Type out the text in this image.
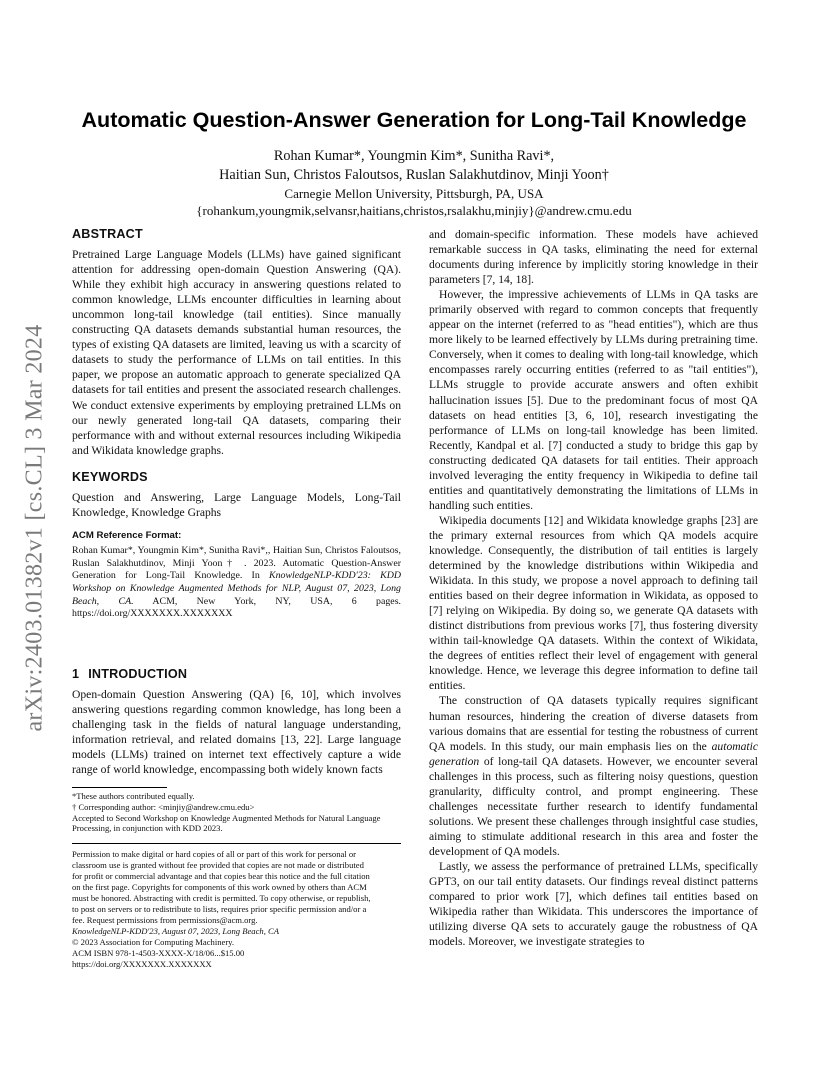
arXiv:2403.01382v1 [cs.CL] 3 Mar 2024
Automatic Question-Answer Generation for Long-Tail Knowledge
Rohan Kumar*, Youngmin Kim*, Sunitha Ravi*,
Haitian Sun, Christos Faloutsos, Ruslan Salakhutdinov, Minji Yoon†
Carnegie Mellon University, Pittsburgh, PA, USA
{rohankum,youngmik,selvansr,haitians,christos,rsalakhu,minjiy}@andrew.cmu.edu
ABSTRACT

Pretrained Large Language Models (LLMs) have gained significant attention for addressing open-domain Question Answering (QA). While they exhibit high accuracy in answering questions related to common knowledge, LLMs encounter difficulties in learning about uncommon long-tail knowledge (tail entities). Since manually constructing QA datasets demands substantial human resources, the types of existing QA datasets are limited, leaving us with a scarcity of datasets to study the performance of LLMs on tail entities. In this paper, we propose an automatic approach to generate specialized QA datasets for tail entities and present the associated research challenges. We conduct extensive experiments by employing pretrained LLMs on our newly generated long-tail QA datasets, comparing their performance with and without external resources including Wikipedia and Wikidata knowledge graphs.

KEYWORDS

Question and Answering, Large Language Models, Long-Tail Knowledge, Knowledge Graphs

ACM Reference Format:

Rohan Kumar*, Youngmin Kim*, Sunitha Ravi*,, Haitian Sun, Christos Faloutsos, Ruslan Salakhutdinov, Minji Yoon† . 2023. Automatic Question-Answer Generation for Long-Tail Knowledge. In KnowledgeNLP-KDD'23: KDD Workshop on Knowledge Augmented Methods for NLP, August 07, 2023, Long Beach, CA. ACM, New York, NY, USA, 6 pages. https://doi.org/XXXXXXX.XXXXXXX

1 INTRODUCTION

Open-domain Question Answering (QA) [6, 10], which involves answering questions regarding common knowledge, has long been a challenging task in the fields of natural language understanding, information retrieval, and related domains [13, 22]. Large language models (LLMs) trained on internet text effectively capture a wide range of world knowledge, encompassing both widely known facts

*These authors contributed equally.
† Corresponding author: <minjiy@andrew.cmu.edu>
Accepted to Second Workshop on Knowledge Augmented Methods for Natural Language Processing, in conjunction with KDD 2023.
Permission to make digital or hard copies of all or part of this work for personal or
classroom use is granted without fee provided that copies are not made or distributed
for profit or commercial advantage and that copies bear this notice and the full citation
on the first page. Copyrights for components of this work owned by others than ACM
must be honored. Abstracting with credit is permitted. To copy otherwise, or republish,
to post on servers or to redistribute to lists, requires prior specific permission and/or a
fee. Request permissions from permissions@acm.org.
KnowledgeNLP-KDD'23, August 07, 2023, Long Beach, CA
© 2023 Association for Computing Machinery.
ACM ISBN 978-1-4503-XXXX-X/18/06...$15.00
https://doi.org/XXXXXXX.XXXXXXX

and domain-specific information. These models have achieved remarkable success in QA tasks, eliminating the need for external documents during inference by implicitly storing knowledge in their parameters [7, 14, 18].

However, the impressive achievements of LLMs in QA tasks are primarily observed with regard to common concepts that frequently appear on the internet (referred to as "head entities"), which are thus more likely to be learned effectively by LLMs during pretraining time. Conversely, when it comes to dealing with long-tail knowledge, which encompasses rarely occurring entities (referred to as "tail entities"), LLMs struggle to provide accurate answers and often exhibit hallucination issues [5]. Due to the predominant focus of most QA datasets on head entities [3, 6, 10], research investigating the performance of LLMs on long-tail knowledge has been limited. Recently, Kandpal et al. [7] conducted a study to bridge this gap by constructing dedicated QA datasets for tail entities. Their approach involved leveraging the entity frequency in Wikipedia to define tail entities and quantitatively demonstrating the limitations of LLMs in handling such entities.

Wikipedia documents [12] and Wikidata knowledge graphs [23] are the primary external resources from which QA models acquire knowledge. Consequently, the distribution of tail entities is largely determined by the knowledge distributions within Wikipedia and Wikidata. In this study, we propose a novel approach to defining tail entities based on their degree information in Wikidata, as opposed to [7] relying on Wikipedia. By doing so, we generate QA datasets with distinct distributions from previous works [7], thus fostering diversity within tail-knowledge QA datasets. Within the context of Wikidata, the degrees of entities reflect their level of engagement with general knowledge. Hence, we leverage this degree information to define tail entities.

The construction of QA datasets typically requires significant human resources, hindering the creation of diverse datasets from various domains that are essential for testing the robustness of current QA models. In this study, our main emphasis lies on the automatic generation of long-tail QA datasets. However, we encounter several challenges in this process, such as filtering noisy questions, question granularity, difficulty control, and prompt engineering. These challenges necessitate further research to identify fundamental solutions. We present these challenges through insightful case studies, aiming to stimulate additional research in this area and foster the development of QA models.

Lastly, we assess the performance of pretrained LLMs, specifically GPT3, on our tail entity datasets. Our findings reveal distinct patterns compared to prior work [7], which defines tail entities based on Wikipedia rather than Wikidata. This underscores the importance of utilizing diverse QA sets to accurately gauge the robustness of QA models. Moreover, we investigate strategies to
